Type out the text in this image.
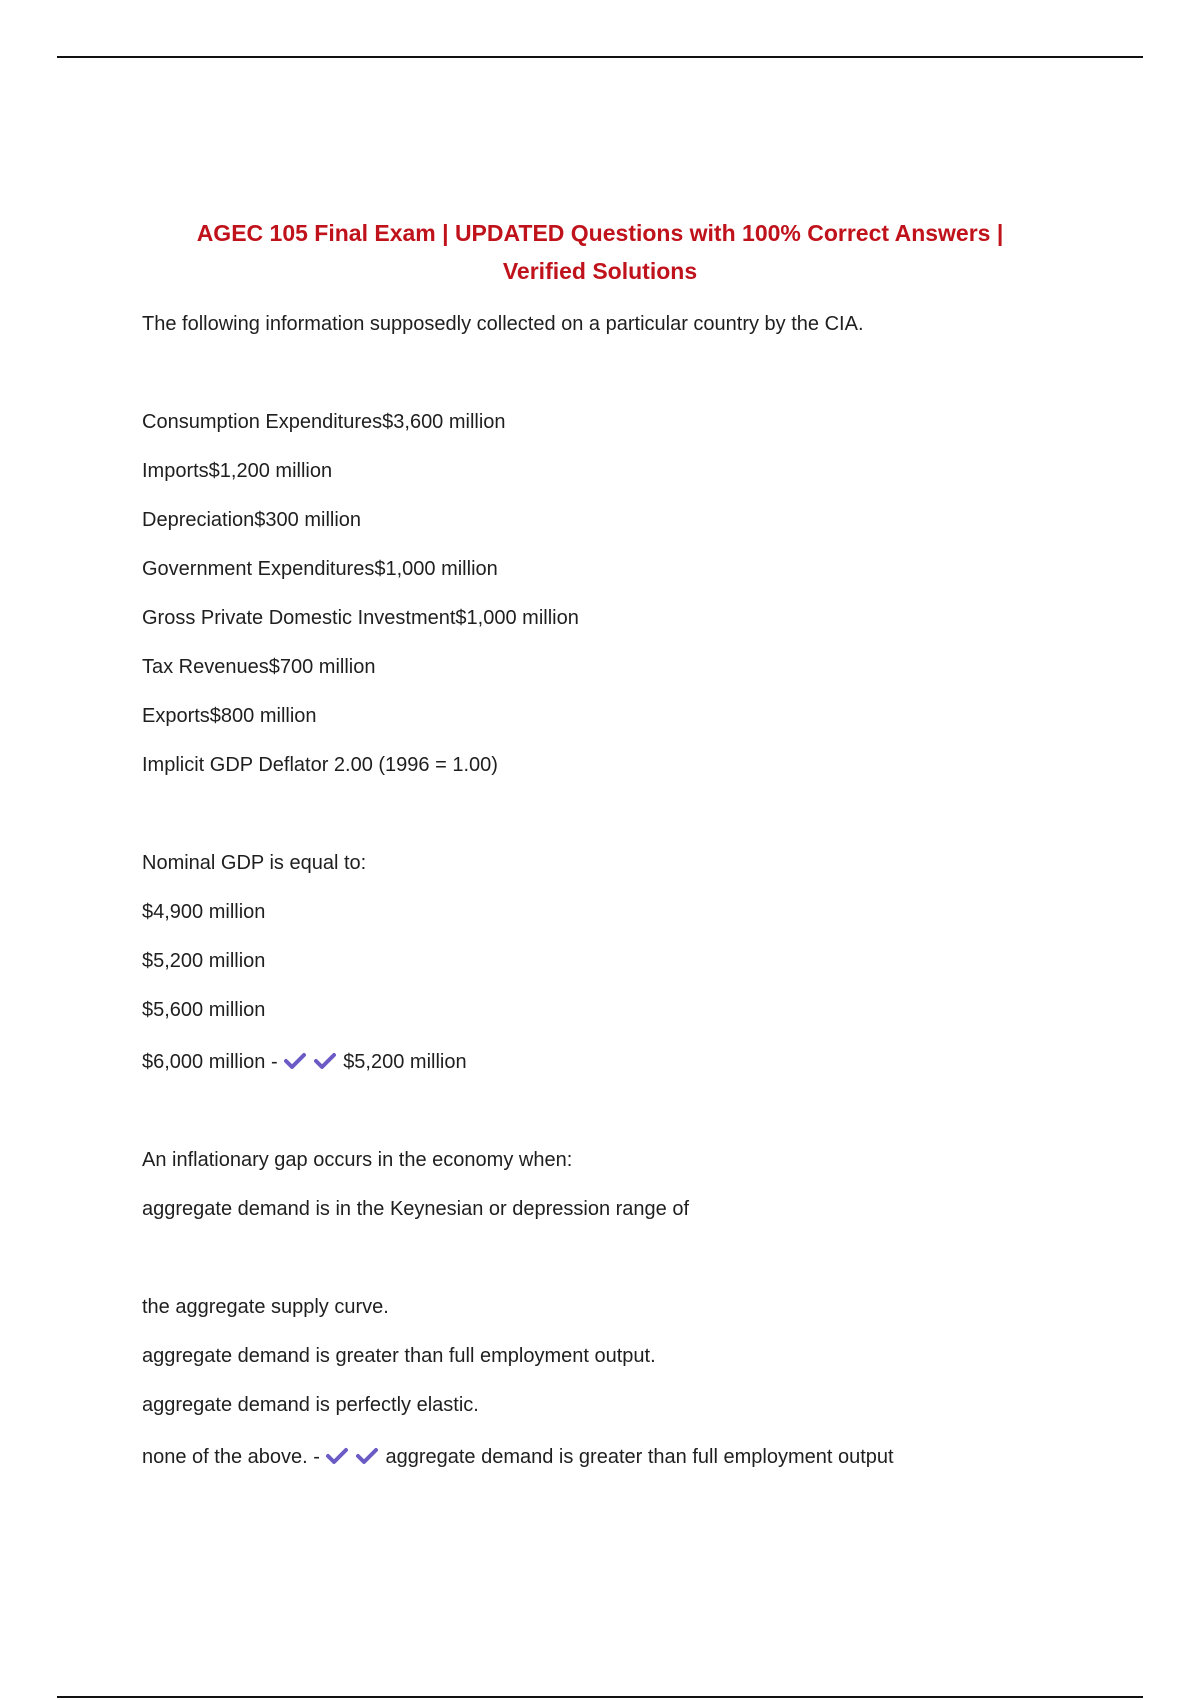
AGEC 105 Final Exam | UPDATED Questions with 100% Correct Answers |
Verified Solutions
The following information supposedly collected on a particular country by the CIA.
Consumption Expenditures$3,600 million
Imports$1,200 million
Depreciation$300 million
Government Expenditures$1,000 million
Gross Private Domestic Investment$1,000 million
Tax Revenues$700 million
Exports$800 million
Implicit GDP Deflator 2.00 (1996 = 1.00)
Nominal GDP is equal to:
$4,900 million
$5,200 million
$5,600 million
$6,000 million -	$5,200 million
An inflationary gap occurs in the economy when:
aggregate demand is in the Keynesian or depression range of
the aggregate supply curve.
aggregate demand is greater than full employment output.
aggregate demand is perfectly elastic.
none of the above. -	aggregate demand is greater than full employment output
